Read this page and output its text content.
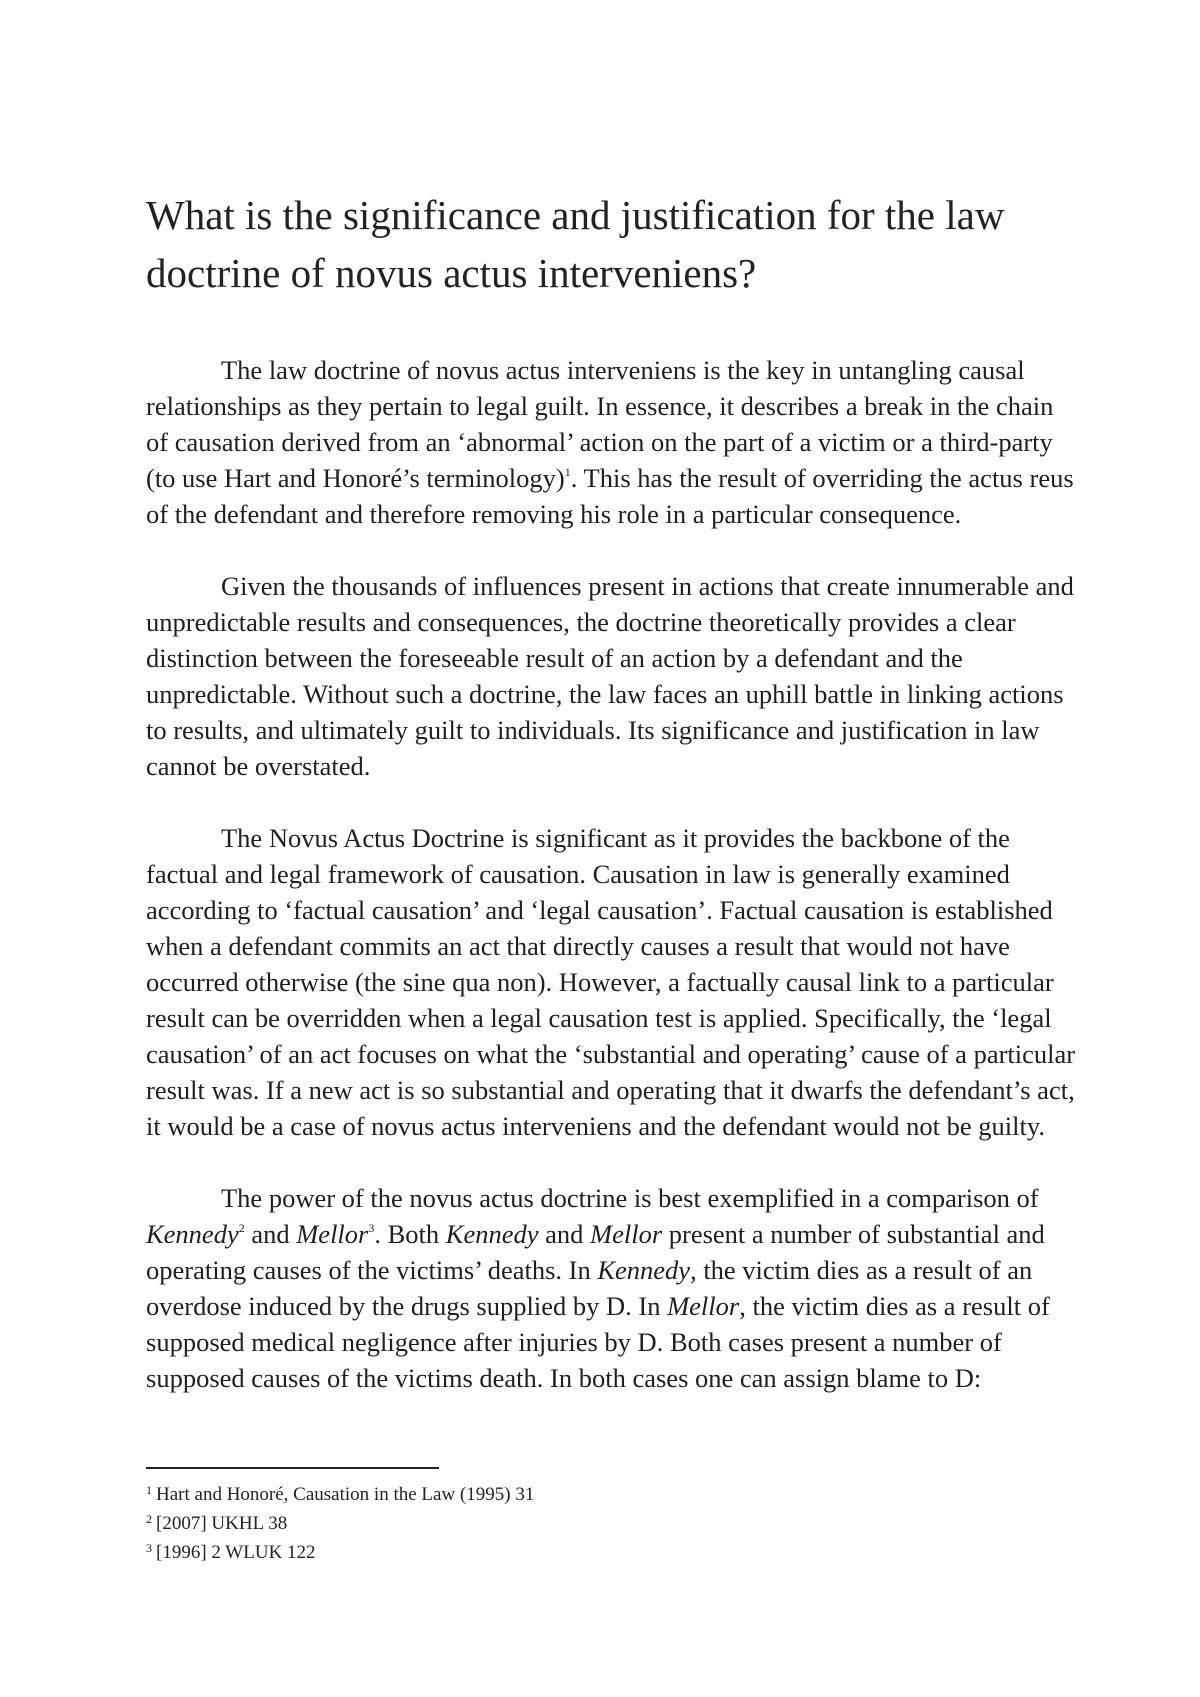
What is the significance and justification for the law doctrine of novus actus interveniens?

The law doctrine of novus actus interveniens is the key in untangling causal relationships as they pertain to legal guilt. In essence, it describes a break in the chain of causation derived from an ‘abnormal’ action on the part of a victim or a third-party (to use Hart and Honoré’s terminology)$^1$. This has the result of overriding the actus reus of the defendant and therefore removing his role in a particular consequence.

Given the thousands of influences present in actions that create innumerable and unpredictable results and consequences, the doctrine theoretically provides a clear distinction between the foreseeable result of an action by a defendant and the unpredictable. Without such a doctrine, the law faces an uphill battle in linking actions to results, and ultimately guilt to individuals. Its significance and justification in law cannot be overstated.

The Novus Actus Doctrine is significant as it provides the backbone of the factual and legal framework of causation. Causation in law is generally examined according to ‘factual causation’ and ‘legal causation’. Factual causation is established when a defendant commits an act that directly causes a result that would not have occurred otherwise (the sine qua non). However, a factually causal link to a particular result can be overridden when a legal causation test is applied. Specifically, the ‘legal causation’ of an act focuses on what the ‘substantial and operating’ cause of a particular result was. If a new act is so substantial and operating that it dwarfs the defendant’s act, it would be a case of novus actus interveniens and the defendant would not be guilty.

The power of the novus actus doctrine is best exemplified in a comparison of Kennedy$^2$ and Mellor$^3$. Both Kennedy and Mellor present a number of substantial and operating causes of the victims’ deaths. In Kennedy, the victim dies as a result of an overdose induced by the drugs supplied by D. In Mellor, the victim dies as a result of supposed medical negligence after injuries by D. Both cases present a number of supposed causes of the victims death. In both cases one can assign blame to D:

$^1$ Hart and Honoré, Causation in the Law (1995) 31
$^2$ [2007] UKHL 38
$^3$ [1996] 2 WLUK 122
